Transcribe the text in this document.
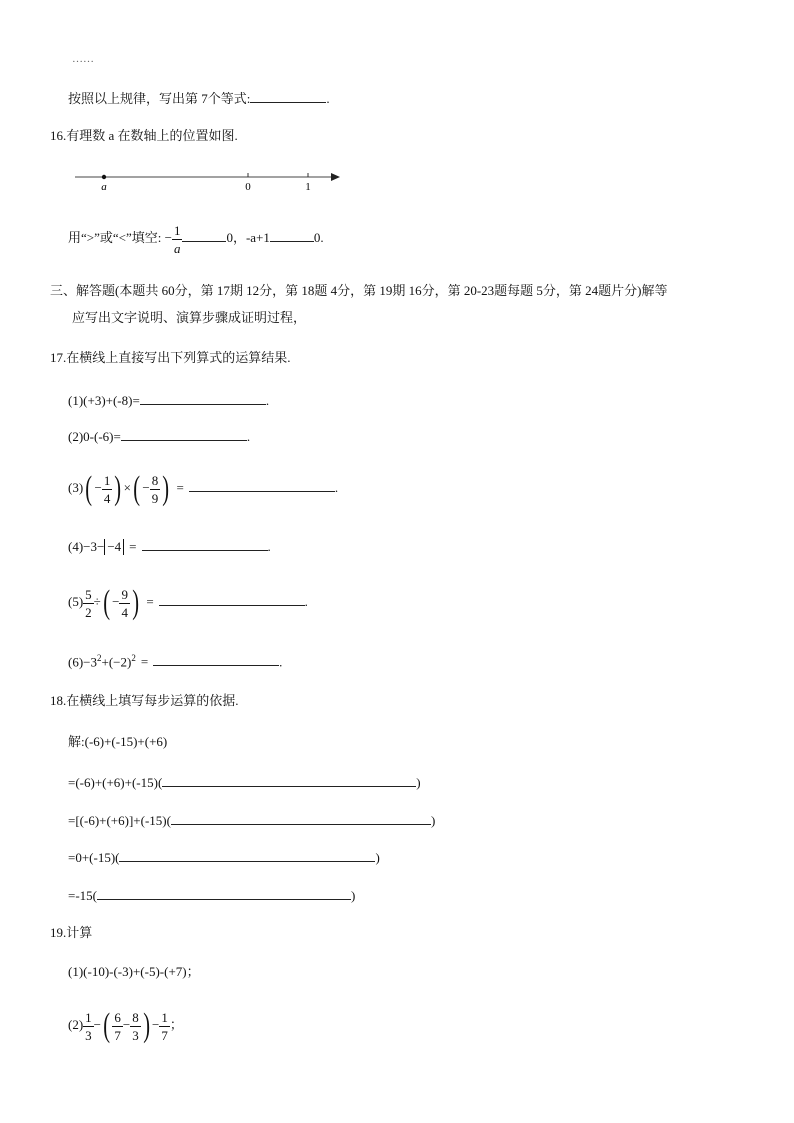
……
按照以上规律，写出第 7个等式:	.
16.有理数 a 在数轴上的位置如图.
a	0	1
用“>”或“<”填空: − $\frac{1}{a}$	0，-a+1	0.
三、解答题(本题共 60分，第 17期 12分，第 18题 4分，第 19期 16分，第 20-23题每题 5分，第 24题片分)解等
应写出文字说明、演算步骤成证明过程，
17.在横线上直接写出下列算式的运算结果.
(1)(+3)+(-8)=	.
(2)0-(-6)=	.
$(3)( - \frac{1}{4}$ ) ×( − $\frac{8}{9}$ ) =	.
(4)−3− −4 =	.
$(5) \frac{5}{2}$ ÷( − $\frac{9}{4}$ ) =	.
$(6)-3^2+(-2)^2$ =	.
18.在横线上填写每步运算的依据.
解:(-6)+(-15)+(+6)
=(-6)+(+6)+(-15)(	)
=[(-6)+(+6)]+(-15)(	)
=0+(-15)(	)
=-15(	)
19.计算
(1)(-10)-(-3)+(-5)-(+7)；
$(2) \frac{1}{3}$ −( $\frac{6}{7} - \frac{8}{3}$ ) − $\frac{1}{7}$ ；
